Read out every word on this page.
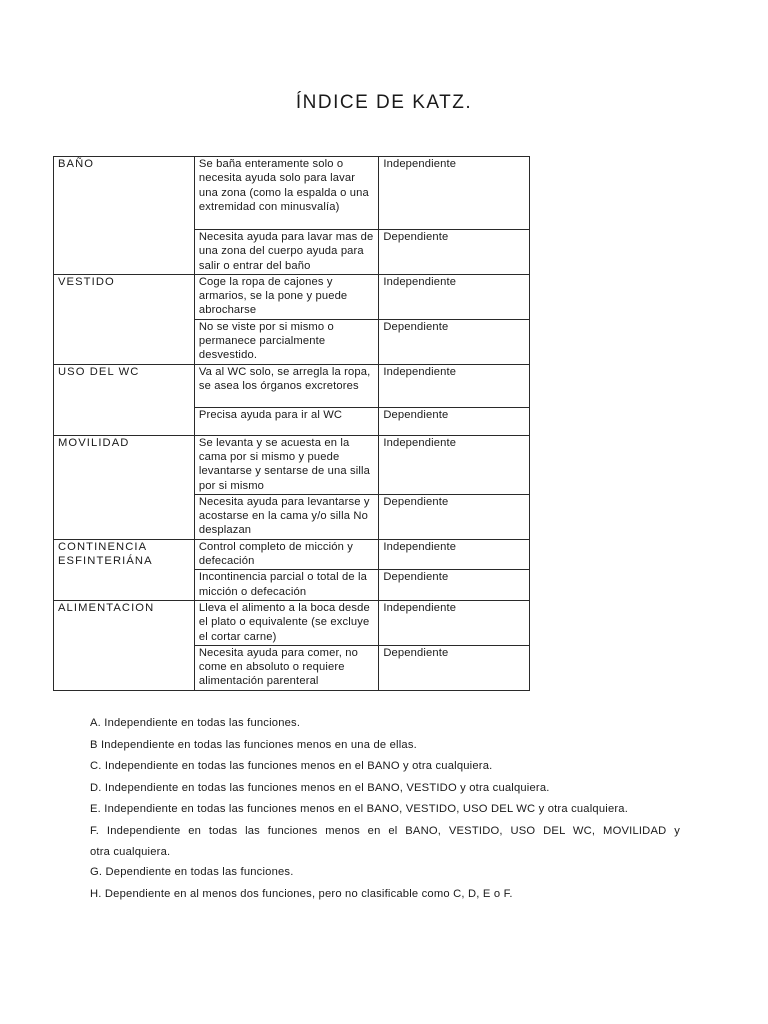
ÍNDICE DE KATZ.
BAÑO	Se baña enteramente solo o necesita ayuda solo para lavar una zona (como la espalda o una extremidad con minusvalía)	Independiente
	Necesita ayuda para lavar mas de una zona del cuerpo ayuda para salir o entrar del baño	Dependiente
VESTIDO	Coge la ropa de cajones y armarios, se la pone y puede abrocharse	Independiente
	No se viste por si mismo o permanece parcialmente desvestido.	Dependiente
USO DEL WC	Va al WC solo, se arregla la ropa, se asea los órganos excretores	Independiente
	Precisa ayuda para ir al WC	Dependiente
MOVILIDAD	Se levanta y se acuesta en la cama por si mismo y puede levantarse y sentarse de una silla por si mismo	Independiente
	Necesita ayuda para levantarse y acostarse en la cama y/o silla No desplazan	Dependiente
CONTINENCIA ESFINTERIÁNA	Control completo de micción y defecación	Independiente
	Incontinencia parcial o total de la micción o defecación	Dependiente
ALIMENTACION	Lleva el alimento a la boca desde el plato o equivalente (se excluye el cortar carne)	Independiente
	Necesita ayuda para comer, no come en absoluto o requiere alimentación parenteral	Dependiente

A. Independiente en todas las funciones.

B Independiente en todas las funciones menos en una de ellas.

C. Independiente en todas las funciones menos en el BANO y otra cualquiera.

D. Independiente en todas las funciones menos en el BANO, VESTIDO y otra cualquiera.

E. Independiente en todas las funciones menos en el BANO, VESTIDO, USO DEL WC y otra cualquiera.

F. Independiente en todas las funciones menos en el BANO, VESTIDO, USO DEL WC, MOVILIDAD y

otra cualquiera.

G. Dependiente en todas las funciones.

H. Dependiente en al menos dos funciones, pero no clasificable como C, D, E o F.
